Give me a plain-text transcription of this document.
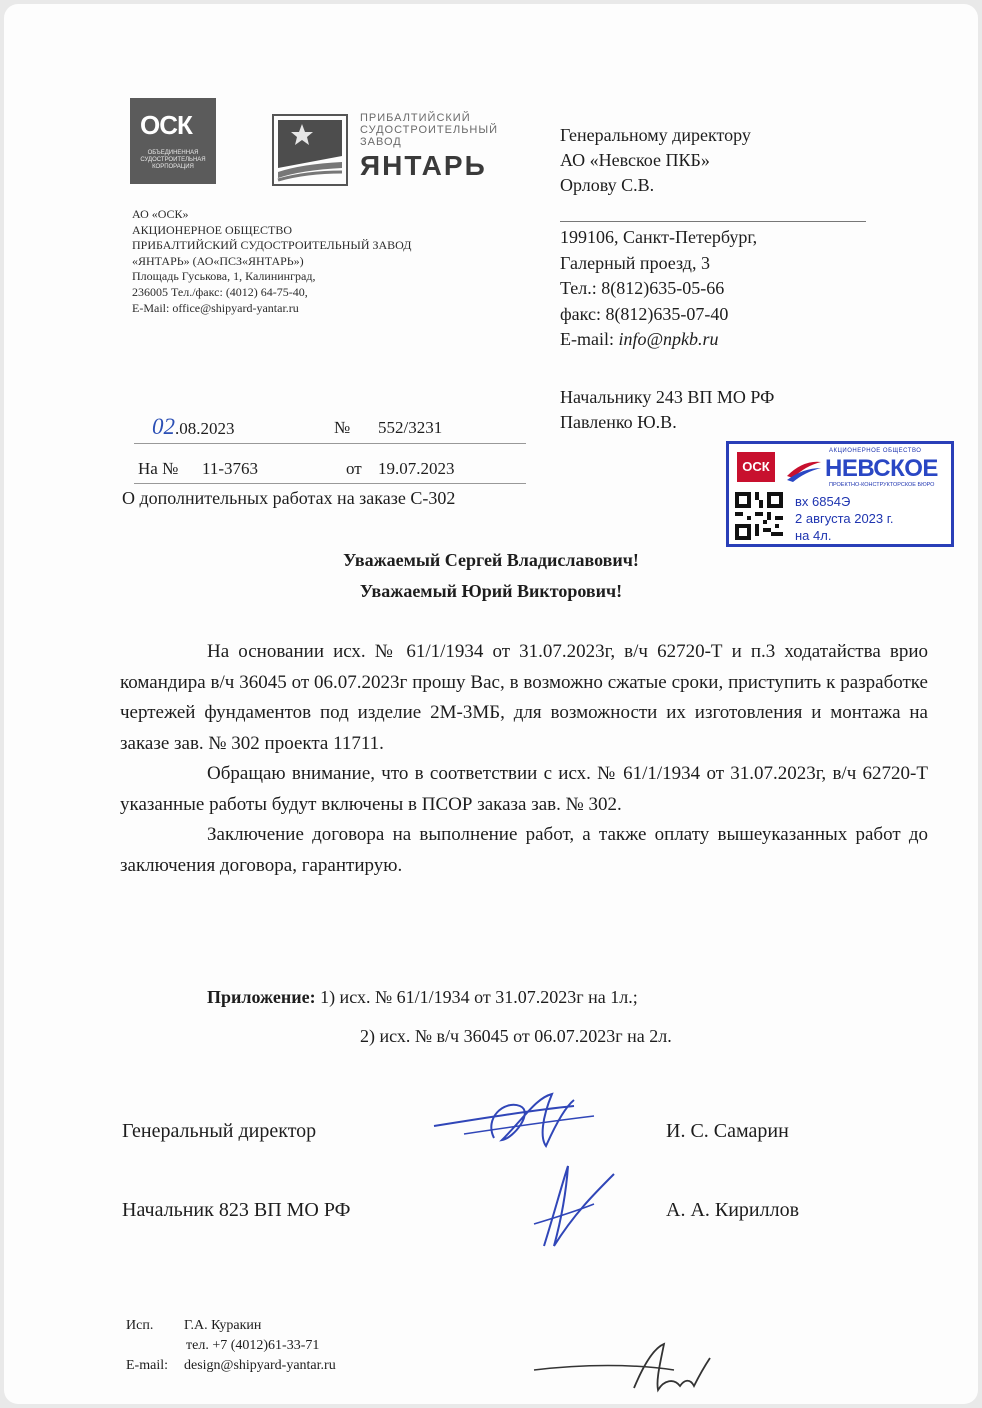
ОСК
ОБЪЕДИНЕННАЯ СУДОСТРОИТЕЛЬНАЯ КОРПОРАЦИЯ
ПРИБАЛТИЙСКИЙ
СУДОСТРОИТЕЛЬНЫЙ
ЗАВОД
ЯНТАРЬ
АО «ОСК»
АКЦИОНЕРНОЕ ОБЩЕСТВО
ПРИБАЛТИЙСКИЙ СУДОСТРОИТЕЛЬНЫЙ ЗАВОД
«ЯНТАРЬ» (АО«ПСЗ«ЯНТАРЬ»)
Площадь Гуськова, 1, Калининград,
236005 Тел./факс: (4012) 64-75-40,
E-Mail: office@shipyard-yantar.ru
Генеральному директору
АО «Невское ПКБ»
Орлову С.В.
199106, Санкт-Петербург,
Галерный проезд, 3
Тел.: 8(812)635-05-66
факс: 8(812)635-07-40
E-mail: info@npkb.ru
Начальнику 243 ВП МО РФ
Павленко Ю.В.
02.08.2023	№ 552/3231
На № 11-3763	от 19.07.2023
О дополнительных работах на заказе С-302
ОСК
АКЦИОНЕРНОЕ ОБЩЕСТВО
НЕВСКОЕ
ПРОЕКТНО-КОНСТРУКТОРСКОЕ БЮРО
вх 6854Э
2 августа 2023 г.
на 4л.
Уважаемый Сергей Владиславович!
Уважаемый Юрий Викторович!

На основании исх. № 61/1/1934 от 31.07.2023г, в/ч 62720-Т и п.3 ходатайства врио командира в/ч 36045 от 06.07.2023г прошу Вас, в возможно сжатые сроки, приступить к разработке чертежей фундаментов под изделие 2М-3МБ, для возможности их изготовления и монтажа на заказе зав. № 302 проекта 11711.

Обращаю внимание, что в соответствии с исх. № 61/1/1934 от 31.07.2023г, в/ч 62720-Т указанные работы будут включены в ПСОР заказа зав. № 302.

Заключение договора на выполнение работ, а также оплату вышеуказанных работ до заключения договора, гарантирую.

Приложение: 1) исх. № 61/1/1934 от 31.07.2023г на 1л.;
2) исх. № в/ч 36045 от 06.07.2023г на 2л.
Генеральный директор	И. С. Самарин
Начальник 823 ВП МО РФ	А. А. Кириллов
Исп. Г.А. Куракин
тел. +7 (4012)61-33-71
E-mail: design@shipyard-yantar.ru
